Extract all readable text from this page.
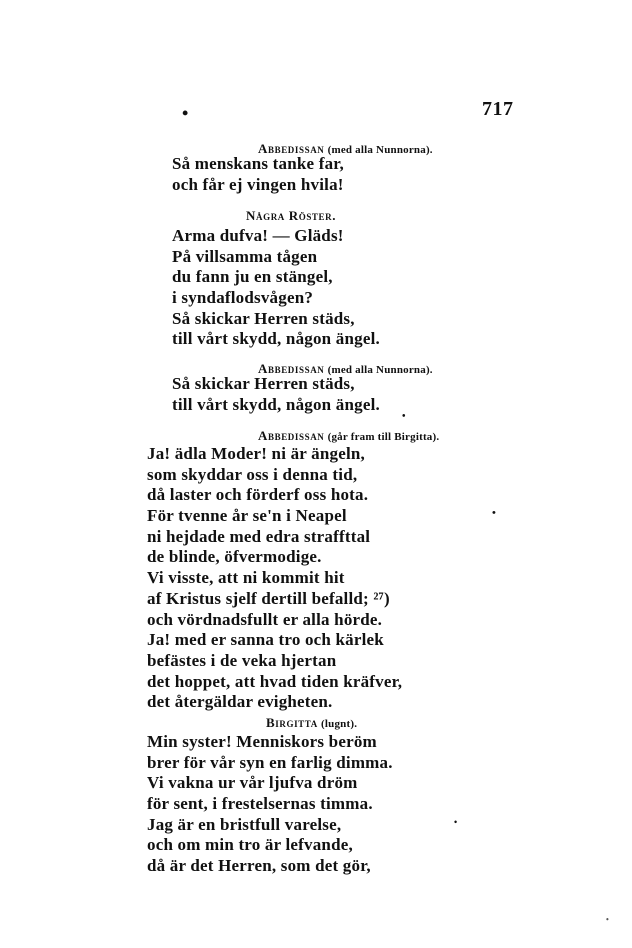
•	717
Abbedissan (med alla Nunnorna).
Så menskans tanke far,
och får ej vingen hvila!
Några Röster.
Arma dufva! — Gläds!
På villsamma tågen
du fann ju en stängel,
i syndaflodsvågen?
Så skickar Herren städs,
till vårt skydd, någon ängel.
Abbedissan (med alla Nunnorna).
Så skickar Herren städs,
till vårt skydd, någon ängel.
•
Abbedissan (går fram till Birgitta).
Ja! ädla Moder! ni är ängeln,
som skyddar oss i denna tid,
då laster och förderf oss hota.
För tvenne år se'n i Neapel
ni hejdade med edra straffttal
de blinde, öfvermodige.
Vi visste, att ni kommit hit
af Kristus sjelf dertill befalld; ²⁷)
och vördnadsfullt er alla hörde.
Ja! med er sanna tro och kärlek
befästes i de veka hjertan
det hoppet, att hvad tiden kräfver,
det återgäldar evigheten.
•
Birgitta (lugnt).
Min syster! Menniskors beröm
brer för vår syn en farlig dimma.
Vi vakna ur vår ljufva dröm
för sent, i frestelsernas timma.
Jag är en bristfull varelse,
och om min tro är lefvande,
då är det Herren, som det gör,
•
•
